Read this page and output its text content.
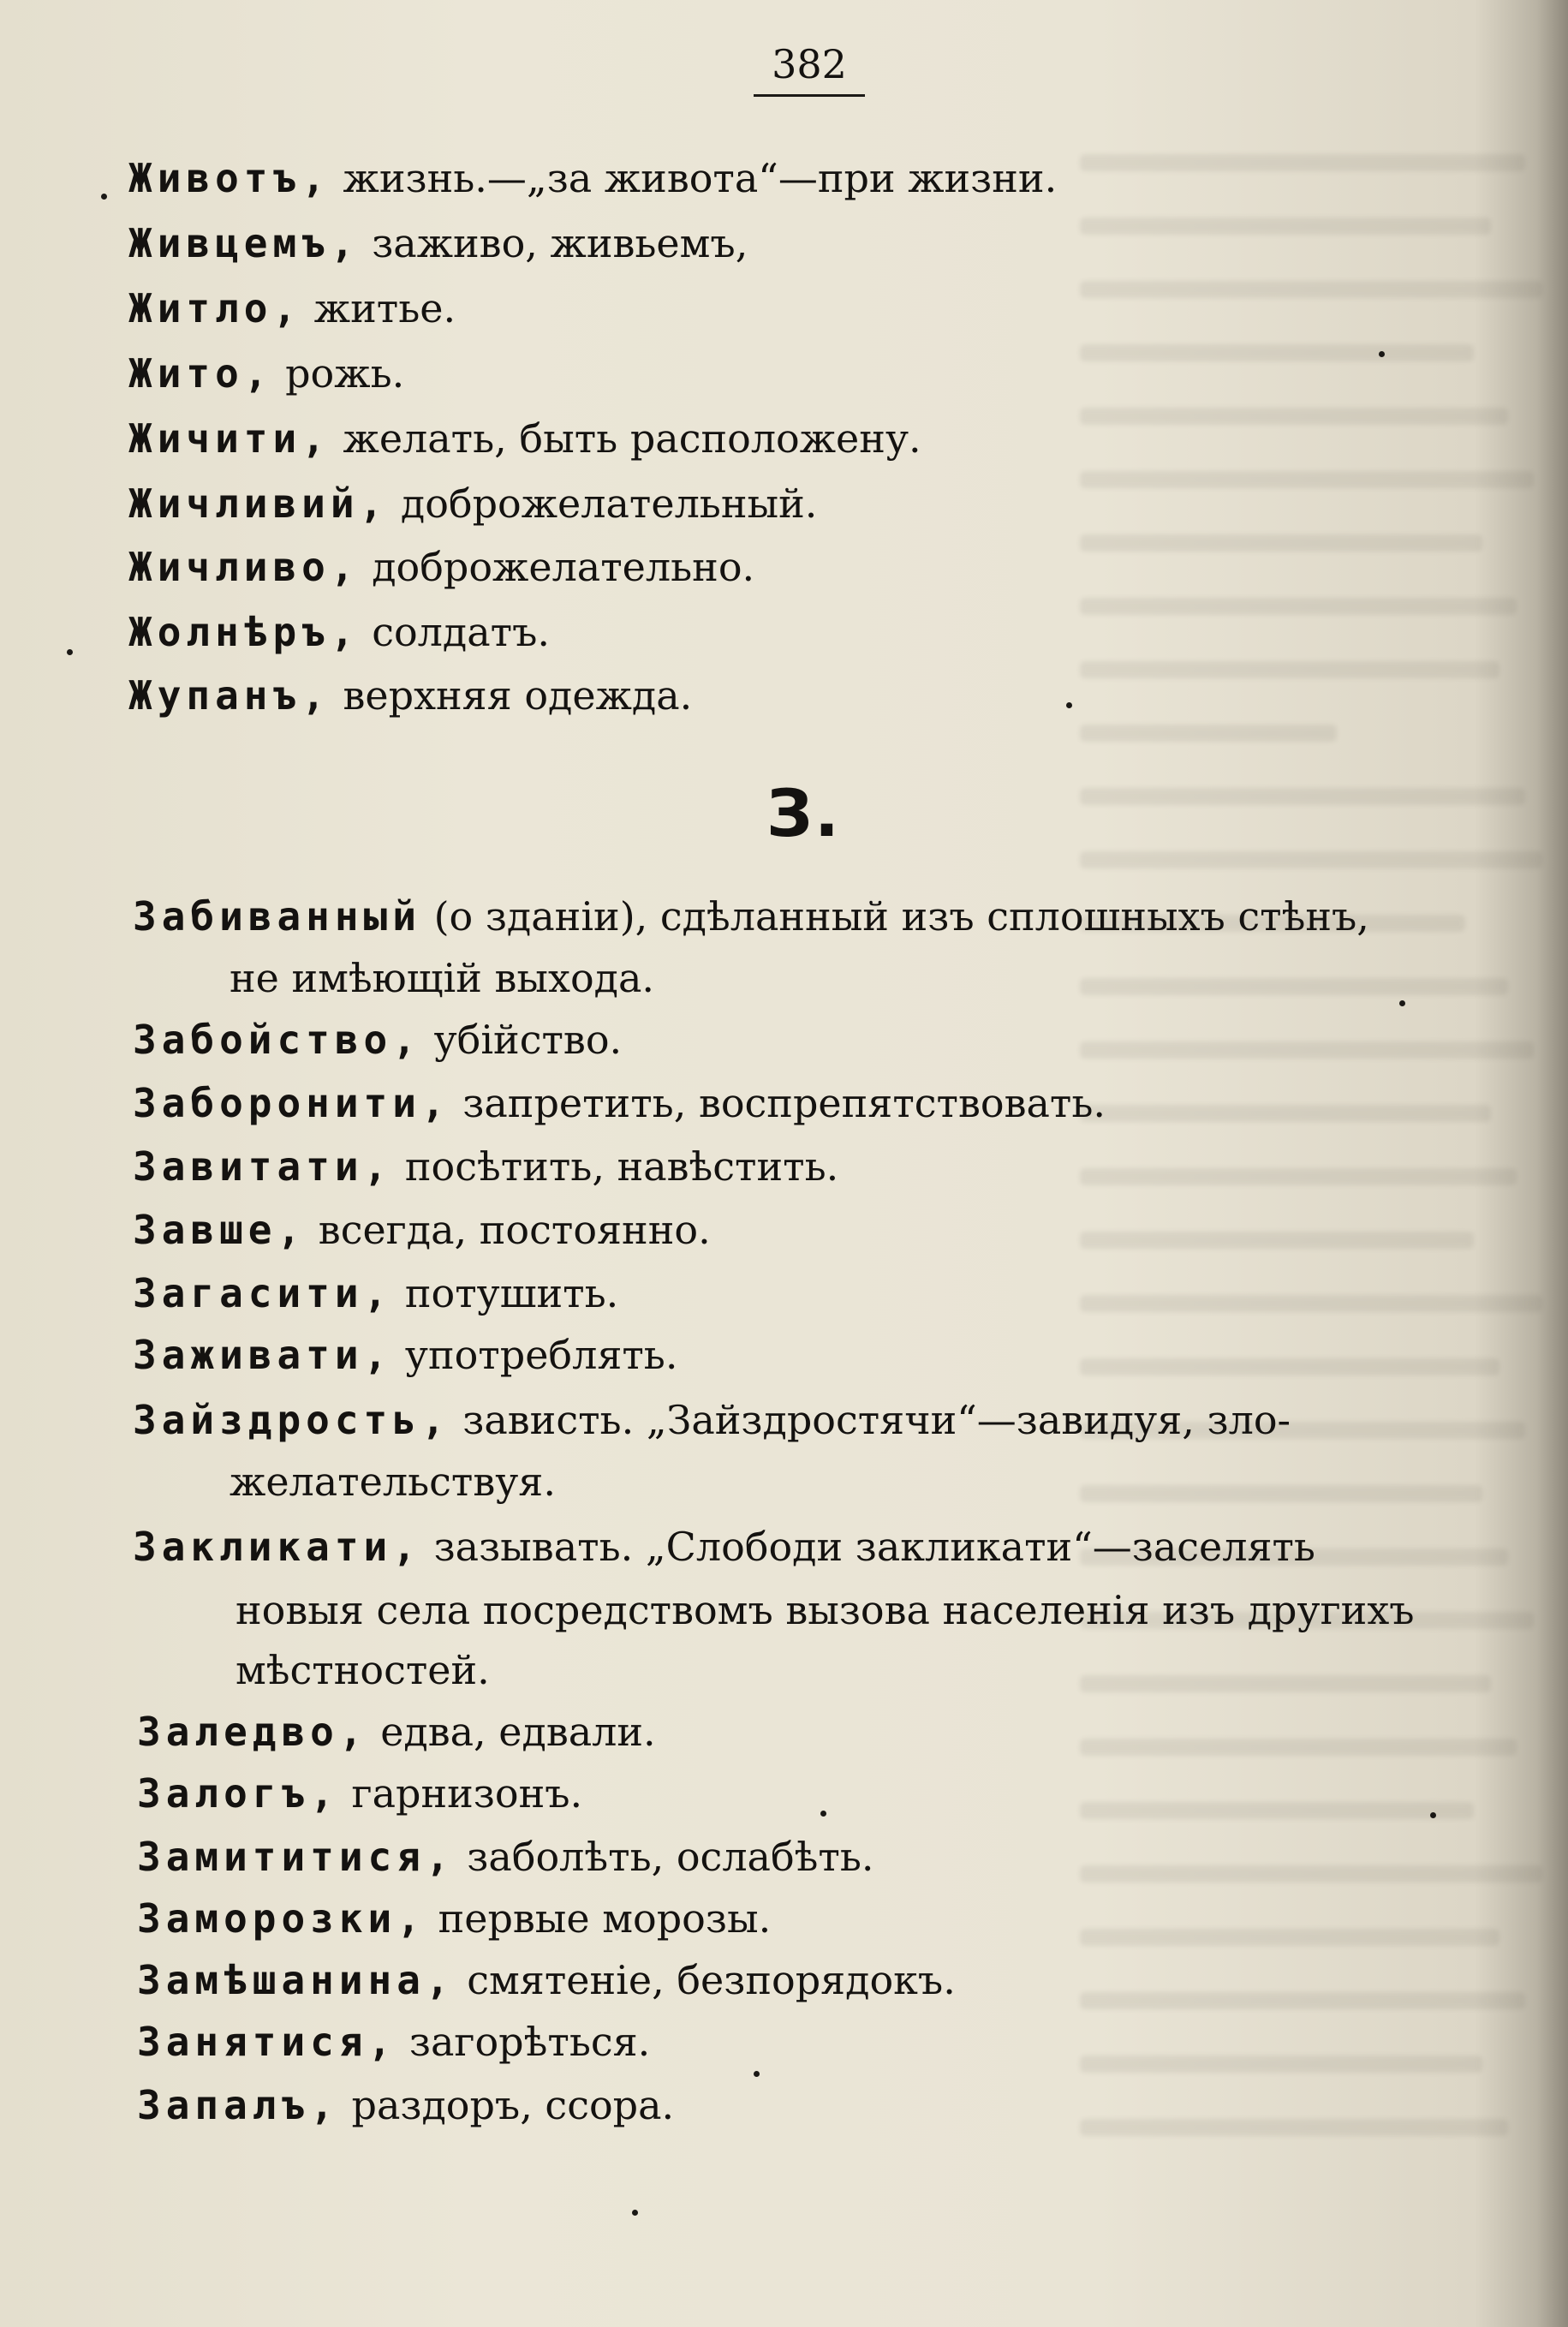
382
Животъ, жизнь.—„за живота“—при жизни.
Живцемъ, заживо, живьемъ,
Житло, житье.
Жито, рожь.
Жичити, желать, быть расположену.
Жичливий, доброжелательный.
Жичливо, доброжелательно.
Жолнѣръ, солдатъ.
Жупанъ, верхняя одежда.
З.
Забиванный (о зданіи), сдѣланный изъ сплошныхъ стѣнъ,
не имѣющій выхода.
Забойство, убійство.
Заборонити, запретить, воспрепятствовать.
Завитати, посѣтить, навѣстить.
Завше, всегда, постоянно.
Загасити, потушить.
Заживати, употреблять.
Зайздрость, зависть. „Зайздростячи“—завидуя, зло-
желательствуя.
Закликати, зазывать. „Слободи закликати“—заселять
новыя села посредствомъ вызова населенія изъ другихъ
мѣстностей.
Заледво, едва, едвали.
Залогъ, гарнизонъ.
Замититися, заболѣть, ослабѣть.
Заморозки, первые морозы.
Замѣшанина, смятеніе, безпорядокъ.
Занятися, загорѣться.
Запалъ, раздоръ, ссора.
